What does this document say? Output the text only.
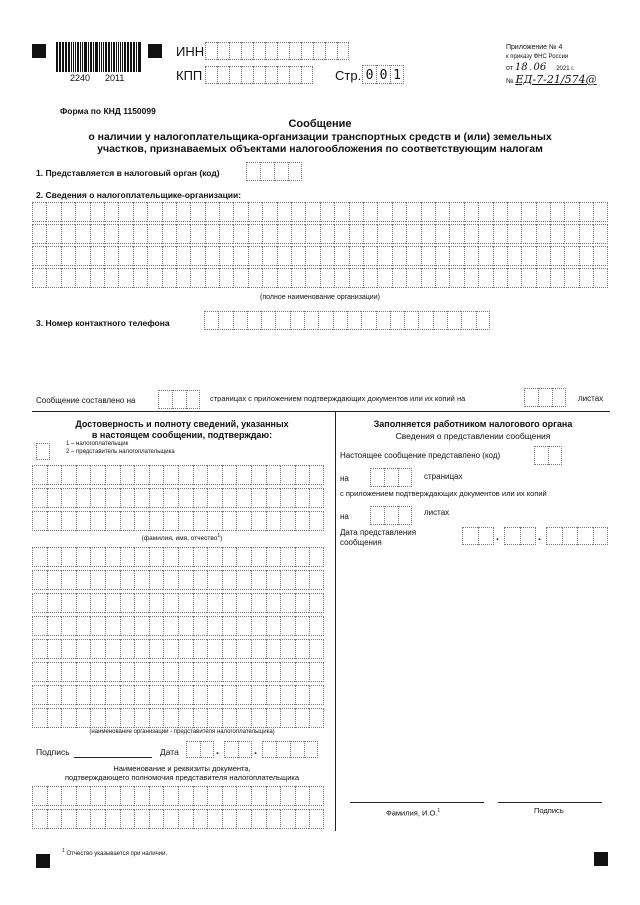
2240 2011
ИНН
КПП	Стр. 0 0 1
Приложение № 4
к приказу ФНС России
от 18 . 06 2021 г.
№ ЕД-7-21/574@
Форма по КНД 1150099
Сообщение
о наличии у налогоплательщика-организации транспортных средств и (или) земельных
участков, признаваемых объектами налогообложения по соответствующим налогам
1. Представляется в налоговый орган (код)
2. Сведения о налогоплательщике-организации:
(полное наименование организации)
3. Номер контактного телефона
Сообщение составлено на	страницах с приложением подтверждающих документов или их копий на	листах
Достоверность и полноту сведений, указанных
в настоящем сообщении, подтверждаю:
1 – налогоплательщик
2 – представитель налогоплательщика
(фамилия, имя, отчество$^1$)
(наименование организации - представителя налогоплательщика)
Подпись	Дата	.	.
Наименование и реквизиты документа,
подтверждающего полномочия представителя налогоплательщика
Заполняется работником налогового органа
Сведения о представлении сообщения
Настоящее сообщение представлено (код)
на	страницах
с приложением подтверждающих документов или их копий
на	листах
Дата представления
сообщения	.	.
Фамилия, И.О.$^1$	Подпись
$^1$ Отчество указывается при наличии.
